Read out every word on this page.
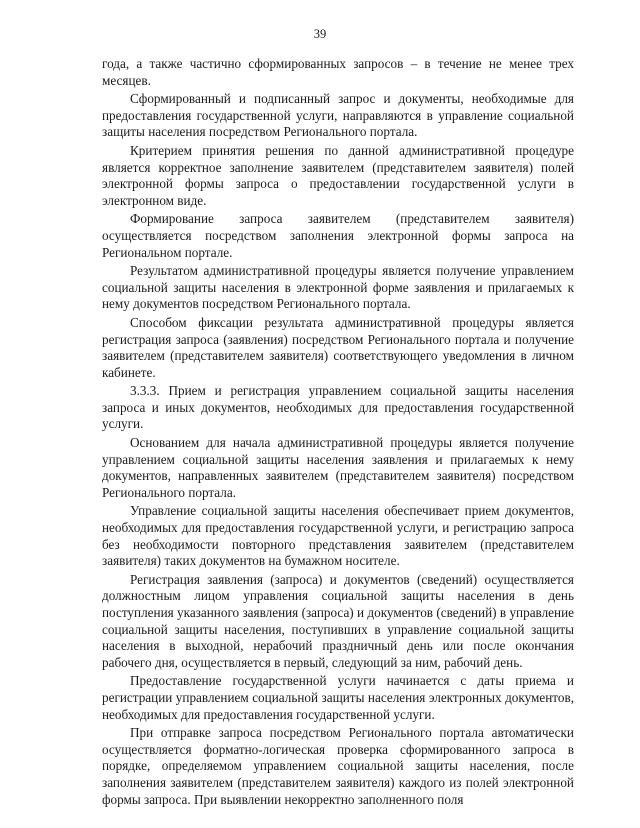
39

года, а также частично сформированных запросов – в течение не менее трех месяцев.

Сформированный и подписанный запрос и документы, необходимые для предоставления государственной услуги, направляются в управление социальной защиты населения посредством Регионального портала.

Критерием принятия решения по данной административной процедуре является корректное заполнение заявителем (представителем заявителя) полей электронной формы запроса о предоставлении государственной услуги в электронном виде.

Формирование запроса заявителем (представителем заявителя) осуществляется посредством заполнения электронной формы запроса на Региональном портале.

Результатом административной процедуры является получение управлением социальной защиты населения в электронной форме заявления и прилагаемых к нему документов посредством Регионального портала.

Способом фиксации результата административной процедуры является регистрация запроса (заявления) посредством Регионального портала и получение заявителем (представителем заявителя) соответствующего уведомления в личном кабинете.

3.3.3. Прием и регистрация управлением социальной защиты населения запроса и иных документов, необходимых для предоставления государственной услуги.

Основанием для начала административной процедуры является получение управлением социальной защиты населения заявления и прилагаемых к нему документов, направленных заявителем (представителем заявителя) посредством Регионального портала.

Управление социальной защиты населения обеспечивает прием документов, необходимых для предоставления государственной услуги, и регистрацию запроса без необходимости повторного представления заявителем (представителем заявителя) таких документов на бумажном носителе.

Регистрация заявления (запроса) и документов (сведений) осуществляется должностным лицом управления социальной защиты населения в день поступления указанного заявления (запроса) и документов (сведений) в управление социальной защиты населения, поступивших в управление социальной защиты населения в выходной, нерабочий праздничный день или после окончания рабочего дня, осуществляется в первый, следующий за ним, рабочий день.

Предоставление государственной услуги начинается с даты приема и регистрации управлением социальной защиты населения электронных документов, необходимых для предоставления государственной услуги.

При отправке запроса посредством Регионального портала автоматически осуществляется форматно-логическая проверка сформированного запроса в порядке, определяемом управлением социальной защиты населения, после заполнения заявителем (представителем заявителя) каждого из полей электронной формы запроса. При выявлении некорректно заполненного поля
